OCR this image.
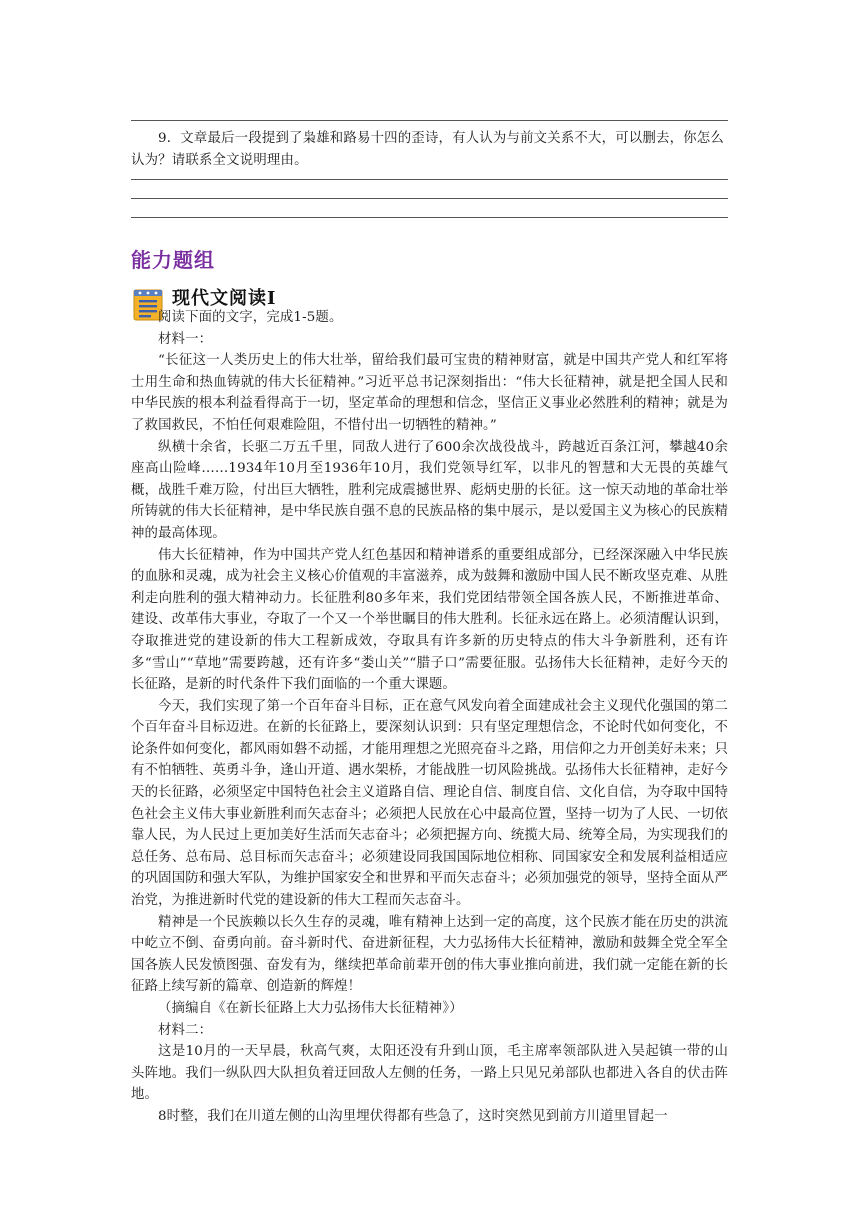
9．文章最后一段提到了枭雄和路易十四的歪诗，有人认为与前文关系不大，可以删去，你怎么认为？请联系全文说明理由。
能力题组
现代文阅读Ⅰ

阅读下面的文字，完成1-5题。

材料一：

“长征这一人类历史上的伟大壮举，留给我们最可宝贵的精神财富，就是中国共产党人和红军将士用生命和热血铸就的伟大长征精神。”习近平总书记深刻指出：“伟大长征精神，就是把全国人民和中华民族的根本利益看得高于一切，坚定革命的理想和信念，坚信正义事业必然胜利的精神；就是为了救国救民，不怕任何艰难险阻，不惜付出一切牺牲的精神。”

纵横十余省，长驱二万五千里，同敌人进行了600余次战役战斗，跨越近百条江河，攀越40余座高山险峰……1934年10月至1936年10月，我们党领导红军，以非凡的智慧和大无畏的英雄气概，战胜千难万险，付出巨大牺牲，胜利完成震撼世界、彪炳史册的长征。这一惊天动地的革命壮举所铸就的伟大长征精神，是中华民族自强不息的民族品格的集中展示，是以爱国主义为核心的民族精神的最高体现。

伟大长征精神，作为中国共产党人红色基因和精神谱系的重要组成部分，已经深深融入中华民族的血脉和灵魂，成为社会主义核心价值观的丰富滋养，成为鼓舞和激励中国人民不断攻坚克难、从胜利走向胜利的强大精神动力。长征胜利80多年来，我们党团结带领全国各族人民，不断推进革命、建设、改革伟大事业，夺取了一个又一个举世瞩目的伟大胜利。长征永远在路上。必须清醒认识到，夺取推进党的建设新的伟大工程新成效，夺取具有许多新的历史特点的伟大斗争新胜利，还有许多“雪山”“草地”需要跨越，还有许多“娄山关”“腊子口”需要征服。弘扬伟大长征精神，走好今天的长征路，是新的时代条件下我们面临的一个重大课题。

今天，我们实现了第一个百年奋斗目标，正在意气风发向着全面建成社会主义现代化强国的第二个百年奋斗目标迈进。在新的长征路上，要深刻认识到：只有坚定理想信念，不论时代如何变化，不论条件如何变化，都风雨如磐不动摇，才能用理想之光照亮奋斗之路，用信仰之力开创美好未来；只有不怕牺牲、英勇斗争，逢山开道、遇水架桥，才能战胜一切风险挑战。弘扬伟大长征精神，走好今天的长征路，必须坚定中国特色社会主义道路自信、理论自信、制度自信、文化自信，为夺取中国特色社会主义伟大事业新胜利而矢志奋斗；必须把人民放在心中最高位置，坚持一切为了人民、一切依靠人民，为人民过上更加美好生活而矢志奋斗；必须把握方向、统揽大局、统筹全局，为实现我们的总任务、总布局、总目标而矢志奋斗；必须建设同我国国际地位相称、同国家安全和发展利益相适应的巩固国防和强大军队，为维护国家安全和世界和平而矢志奋斗；必须加强党的领导，坚持全面从严治党，为推进新时代党的建设新的伟大工程而矢志奋斗。

精神是一个民族赖以长久生存的灵魂，唯有精神上达到一定的高度，这个民族才能在历史的洪流中屹立不倒、奋勇向前。奋斗新时代、奋进新征程，大力弘扬伟大长征精神，激励和鼓舞全党全军全国各族人民发愤图强、奋发有为，继续把革命前辈开创的伟大事业推向前进，我们就一定能在新的长征路上续写新的篇章、创造新的辉煌！

（摘编自《在新长征路上大力弘扬伟大长征精神》）

材料二：

这是10月的一天早晨，秋高气爽，太阳还没有升到山顶，毛主席率领部队进入吴起镇一带的山头阵地。我们一纵队四大队担负着迂回敌人左侧的任务，一路上只见兄弟部队也都进入各自的伏击阵地。

8时整，我们在川道左侧的山沟里埋伏得都有些急了，这时突然见到前方川道里冒起一
